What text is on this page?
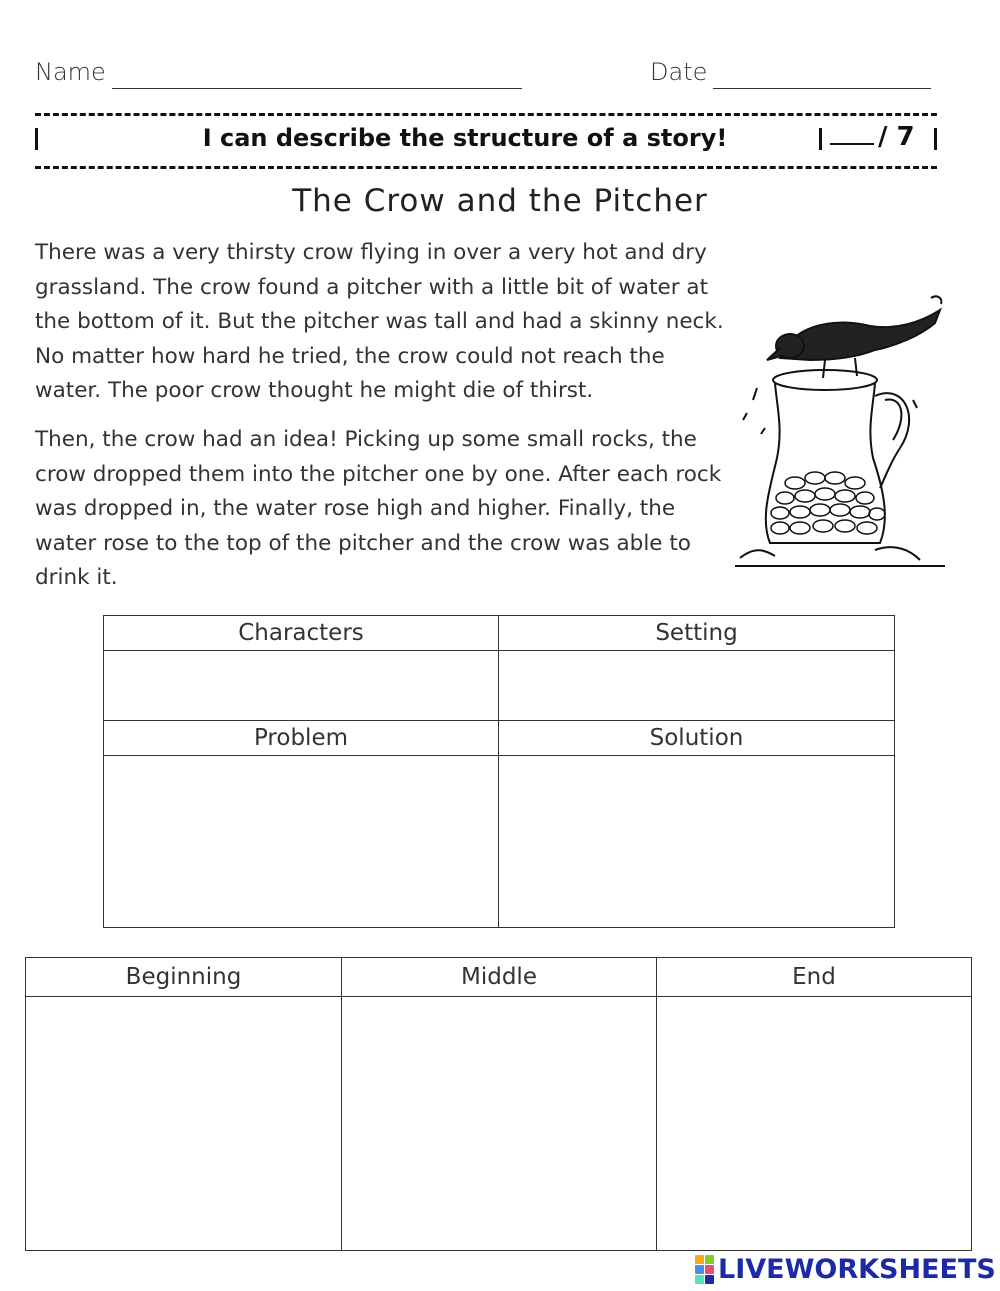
Name	Date
I can describe the structure of a story!	/ 7
The Crow and the Pitcher

There was a very thirsty crow flying in over a very hot and dry grassland. The crow found a pitcher with a little bit of water at the bottom of it. But the pitcher was tall and had a skinny neck. No matter how hard he tried, the crow could not reach the water. The poor crow thought he might die of thirst.

Then, the crow had an idea! Picking up some small rocks, the crow dropped them into the pitcher one by one. After each rock was dropped in, the water rose high and higher. Finally, the water rose to the top of the pitcher and the crow was able to drink it.

Characters	Setting

Problem	Solution

Beginning	Middle	End

LIVEWORKSHEETS
